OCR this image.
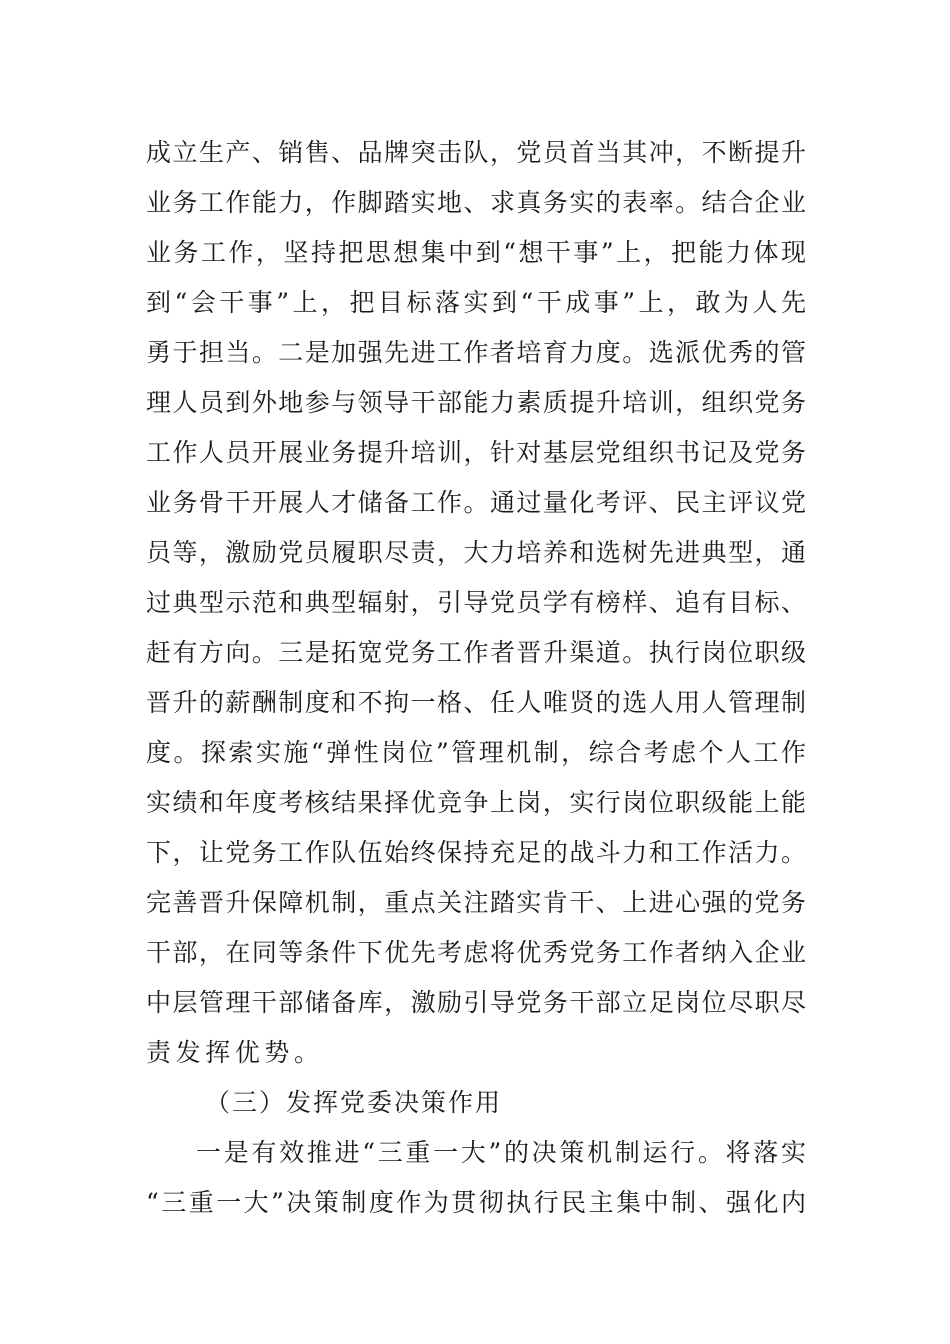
成立生产、销售、品牌突击队，党员首当其冲，不断提升
业务工作能力，作脚踏实地、求真务实的表率。结合企业
业务工作，坚持把思想集中到“想干事”上，把能力体现
到“会干事”上，把目标落实到“干成事”上，敢为人先
勇于担当。二是加强先进工作者培育力度。选派优秀的管
理人员到外地参与领导干部能力素质提升培训，组织党务
工作人员开展业务提升培训，针对基层党组织书记及党务
业务骨干开展人才储备工作。通过量化考评、民主评议党
员等，激励党员履职尽责，大力培养和选树先进典型，通
过典型示范和典型辐射，引导党员学有榜样、追有目标、
赶有方向。三是拓宽党务工作者晋升渠道。执行岗位职级
晋升的薪酬制度和不拘一格、任人唯贤的选人用人管理制
度。探索实施“弹性岗位”管理机制，综合考虑个人工作
实绩和年度考核结果择优竞争上岗，实行岗位职级能上能
下，让党务工作队伍始终保持充足的战斗力和工作活力。
完善晋升保障机制，重点关注踏实肯干、上进心强的党务
干部，在同等条件下优先考虑将优秀党务工作者纳入企业
中层管理干部储备库，激励引导党务干部立足岗位尽职尽
责发挥优势。
（三）发挥党委决策作用
一是有效推进“三重一大”的决策机制运行。将落实
“三重一大”决策制度作为贯彻执行民主集中制、强化内
